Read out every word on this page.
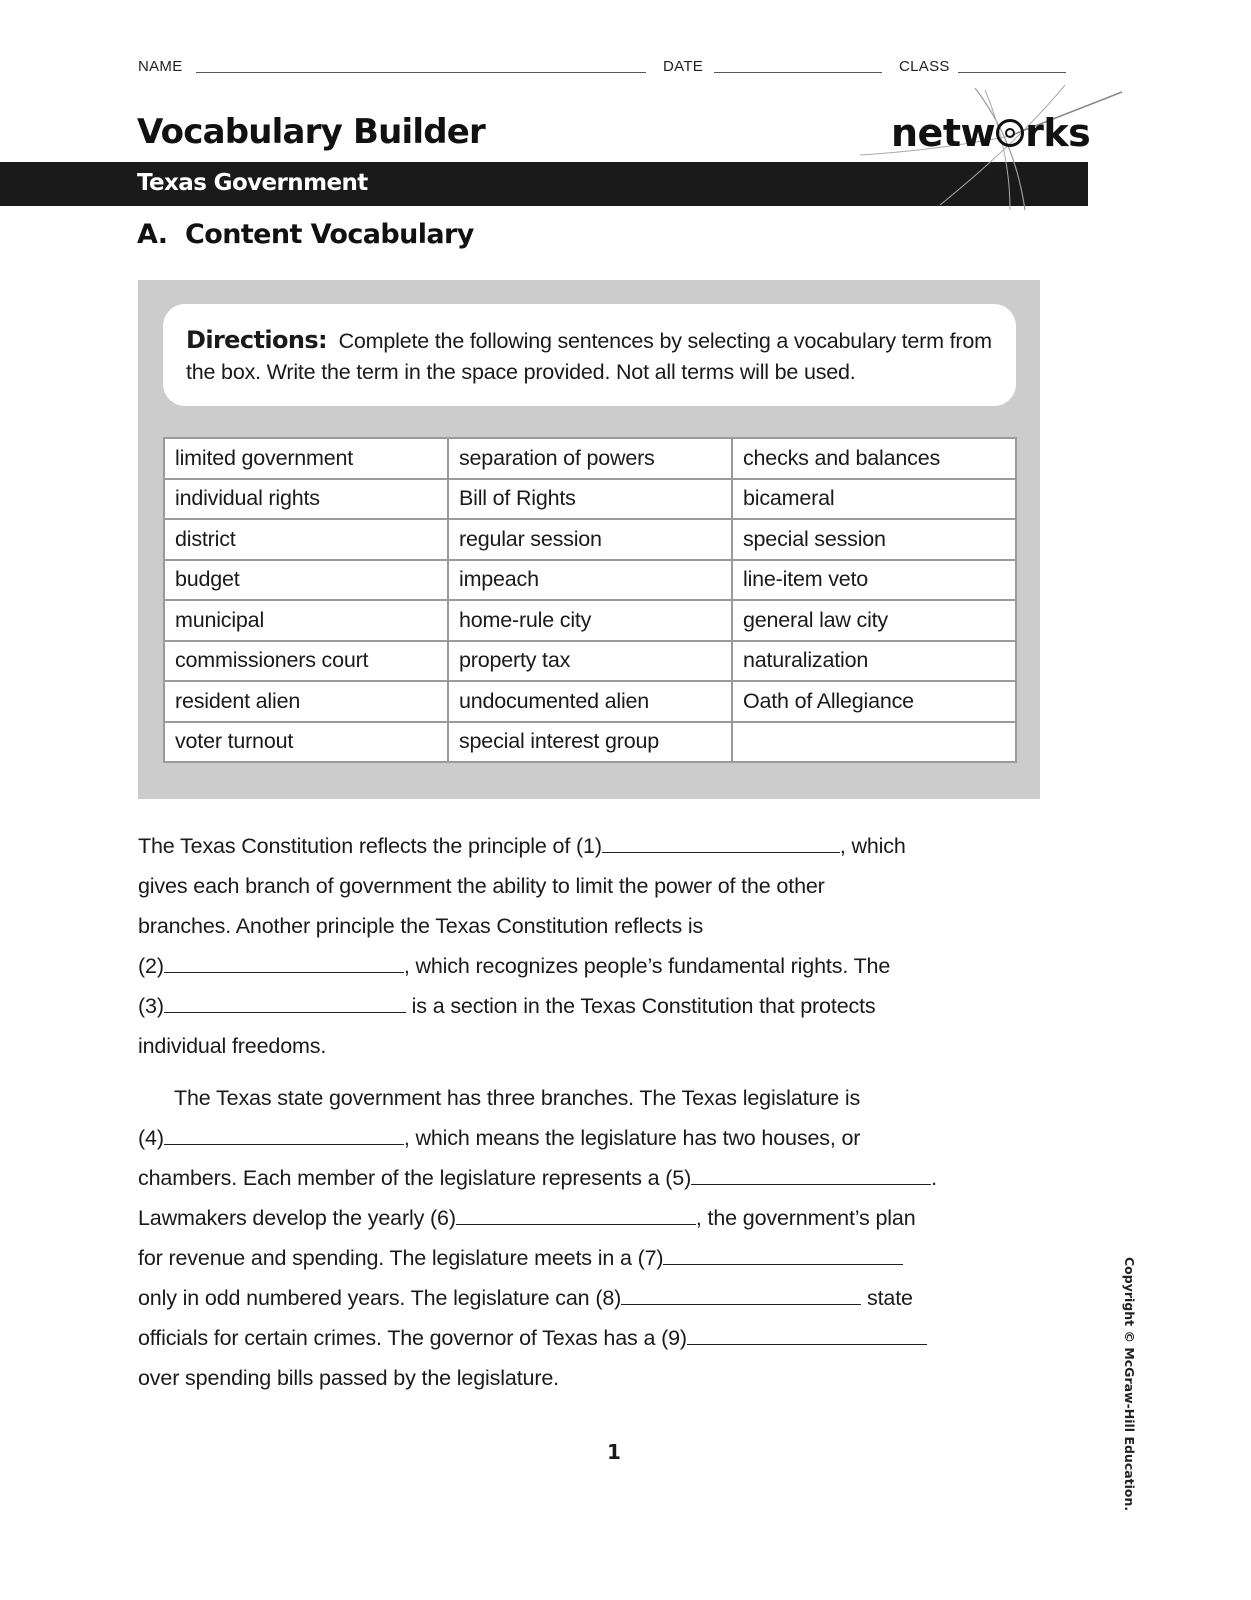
NAME	DATE	CLASS
Vocabulary Builder
Texas Government
netw rks
A.  Content Vocabulary

Directions: Complete the following sentences by selecting a vocabulary term from the box. Write the term in the space provided. Not all terms will be used.

limited government	separation of powers	checks and balances
individual rights	Bill of Rights	bicameral
district	regular session	special session
budget	impeach	line-item veto
municipal	home-rule city	general law city
commissioners court	property tax	naturalization
resident alien	undocumented alien	Oath of Allegiance
voter turnout	special interest group	
The Texas Constitution reflects the principle of (1)	, which
gives each branch of government the ability to limit the power of the other
branches. Another principle the Texas Constitution reflects is
(2)	, which recognizes people’s fundamental rights. The
(3)	is a section in the Texas Constitution that protects
individual freedoms.
The Texas state government has three branches. The Texas legislature is
(4)	, which means the legislature has two houses, or
chambers. Each member of the legislature represents a (5)	.
Lawmakers develop the yearly (6)	, the government’s plan
for revenue and spending. The legislature meets in a (7)
only in odd numbered years. The legislature can (8)	state
officials for certain crimes. The governor of Texas has a (9)
over spending bills passed by the legislature.
1	Copyright © McGraw-Hill Education.
